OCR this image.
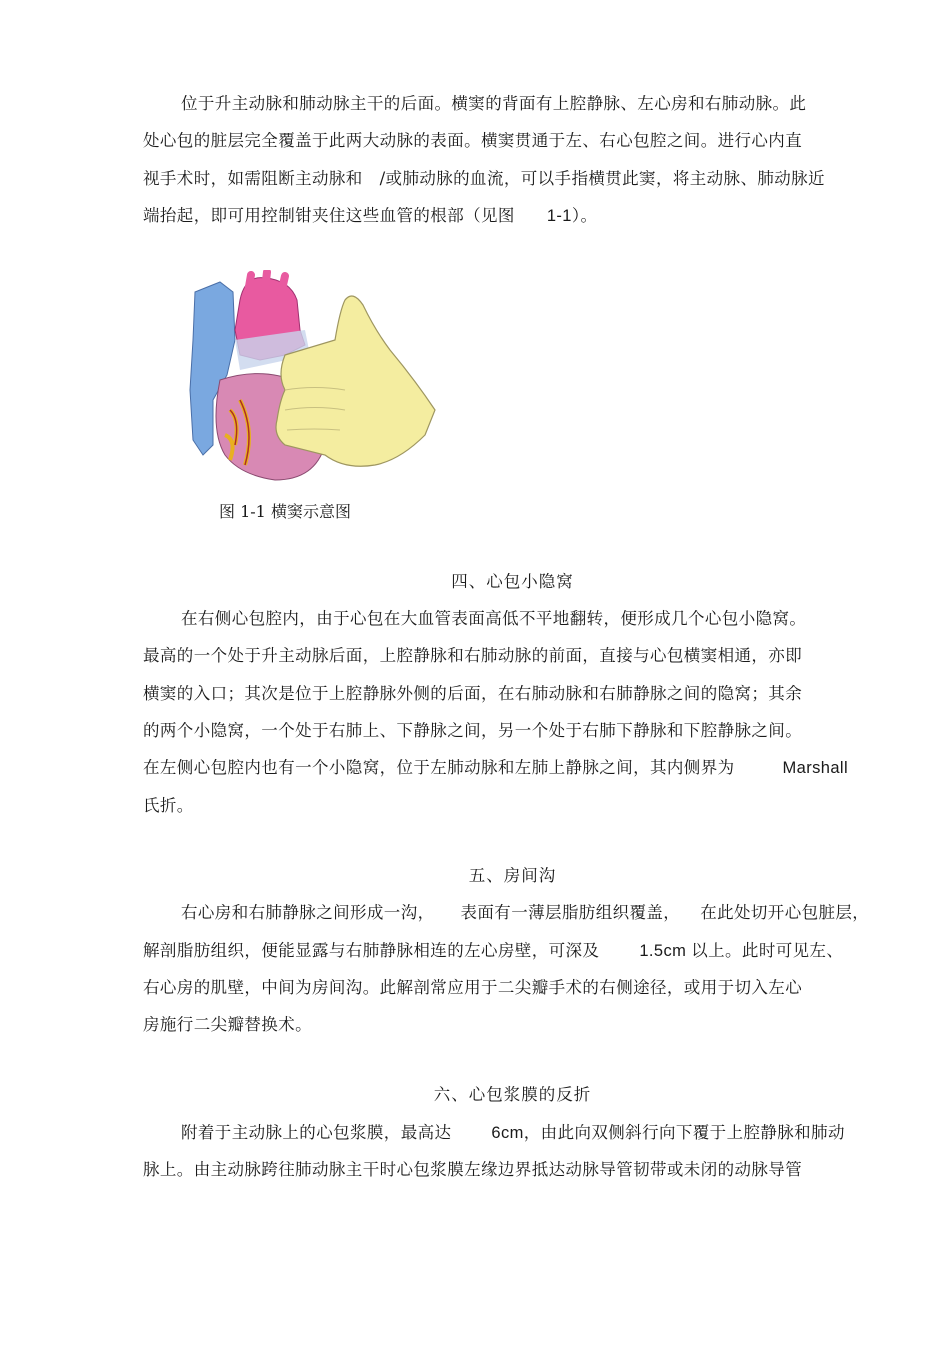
位于升主动脉和肺动脉主干的后面。横窦的背面有上腔静脉、左心房和右肺动脉。此
处心包的脏层完全覆盖于此两大动脉的表面。横窦贯通于左、右心包腔之间。进行心内直
视手术时，如需阻断主动脉和　/或肺动脉的血流，可以手指横贯此窦，将主动脉、肺动脉近
端抬起，即可用控制钳夹住这些血管的根部（见图 1-1）。
图 1-1 横窦示意图
四、心包小隐窝
在右侧心包腔内，由于心包在大血管表面高低不平地翻转，便形成几个心包小隐窝。
最高的一个处于升主动脉后面，上腔静脉和右肺动脉的前面，直接与心包横窦相通，亦即
横窦的入口；其次是位于上腔静脉外侧的后面，在右肺动脉和右肺静脉之间的隐窝；其余
的两个小隐窝，一个处于右肺上、下静脉之间，另一个处于右肺下静脉和下腔静脉之间。
在左侧心包腔内也有一个小隐窝，位于左肺动脉和左肺上静脉之间，其内侧界为	Marshall
氏折。
五、房间沟
右心房和右肺静脉之间形成一沟， 表面有一薄层脂肪组织覆盖， 在此处切开心包脏层，
解剖脂肪组织，便能显露与右肺静脉相连的左心房壁，可深及 1.5cm 以上。此时可见左、
右心房的肌壁，中间为房间沟。此解剖常应用于二尖瓣手术的右侧途径，或用于切入左心
房施行二尖瓣替换术。
六、心包浆膜的反折
附着于主动脉上的心包浆膜，最高达 6cm，由此向双侧斜行向下覆于上腔静脉和肺动
脉上。由主动脉跨往肺动脉主干时心包浆膜左缘边界抵达动脉导管韧带或未闭的动脉导管
